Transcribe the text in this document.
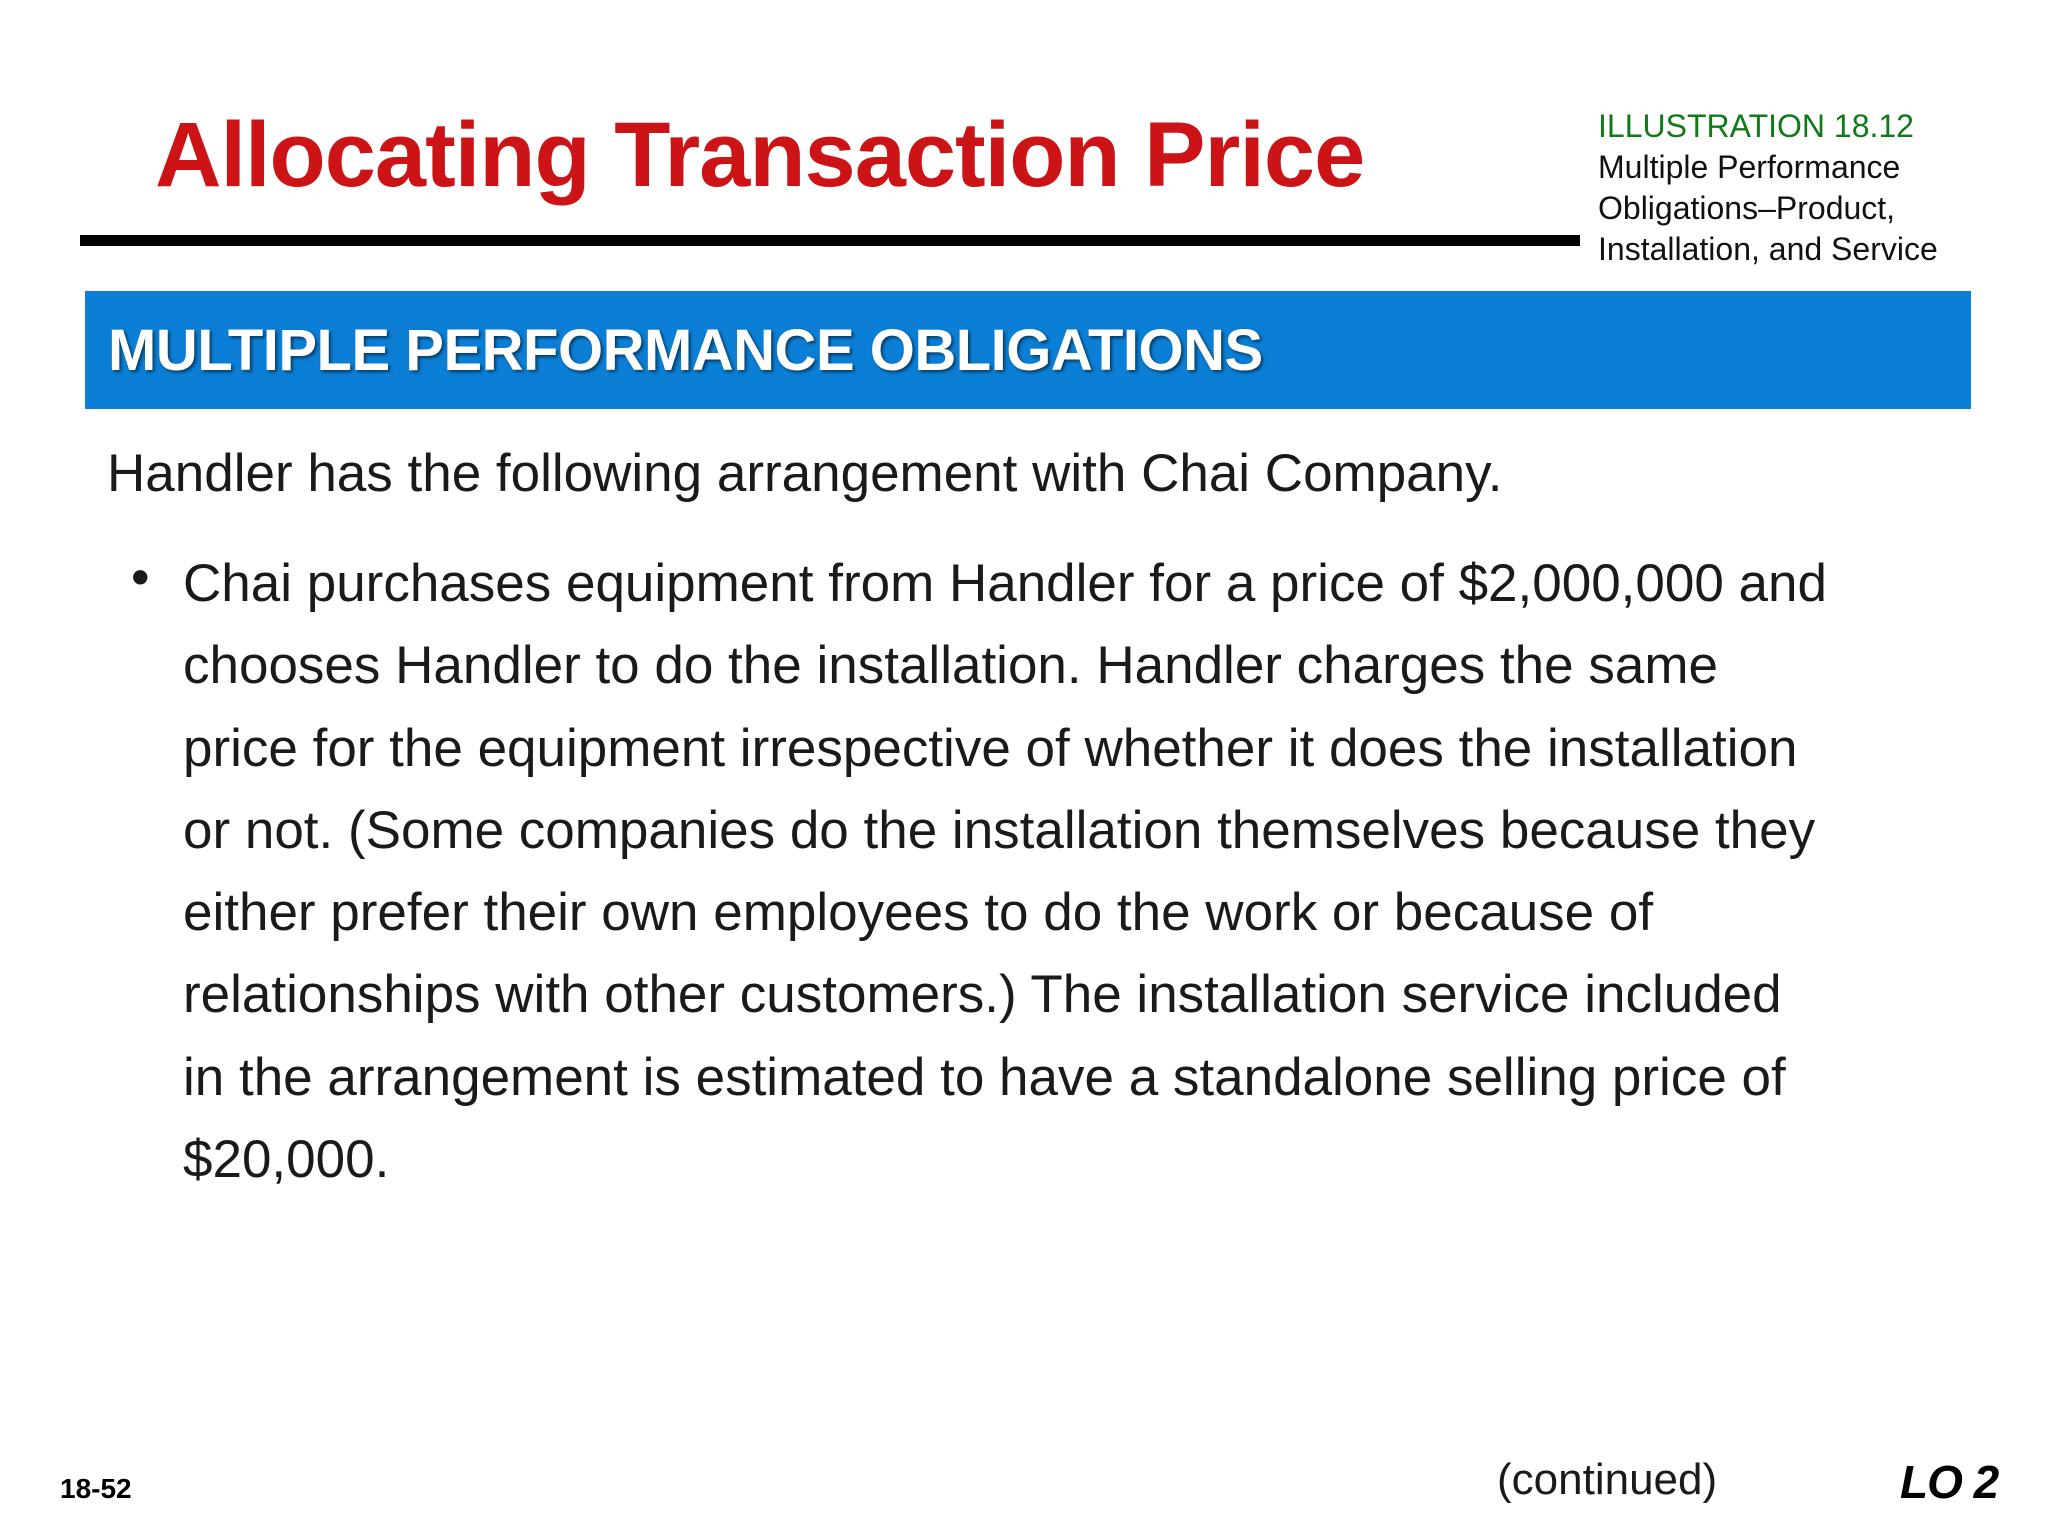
Allocating Transaction Price	ILLUSTRATION 18.12
Multiple Performance
Obligations–Product,
Installation, and Service
MULTIPLE PERFORMANCE OBLIGATIONS
Handler has the following arrangement with Chai Company.
• Chai purchases equipment from Handler for a price of $2,000,000 and
chooses Handler to do the installation. Handler charges the same
price for the equipment irrespective of whether it does the installation
or not. (Some companies do the installation themselves because they
either prefer their own employees to do the work or because of
relationships with other customers.) The installation service included
in the arrangement is estimated to have a standalone selling price of
$20,000.
18-52	(continued)	LO 2
